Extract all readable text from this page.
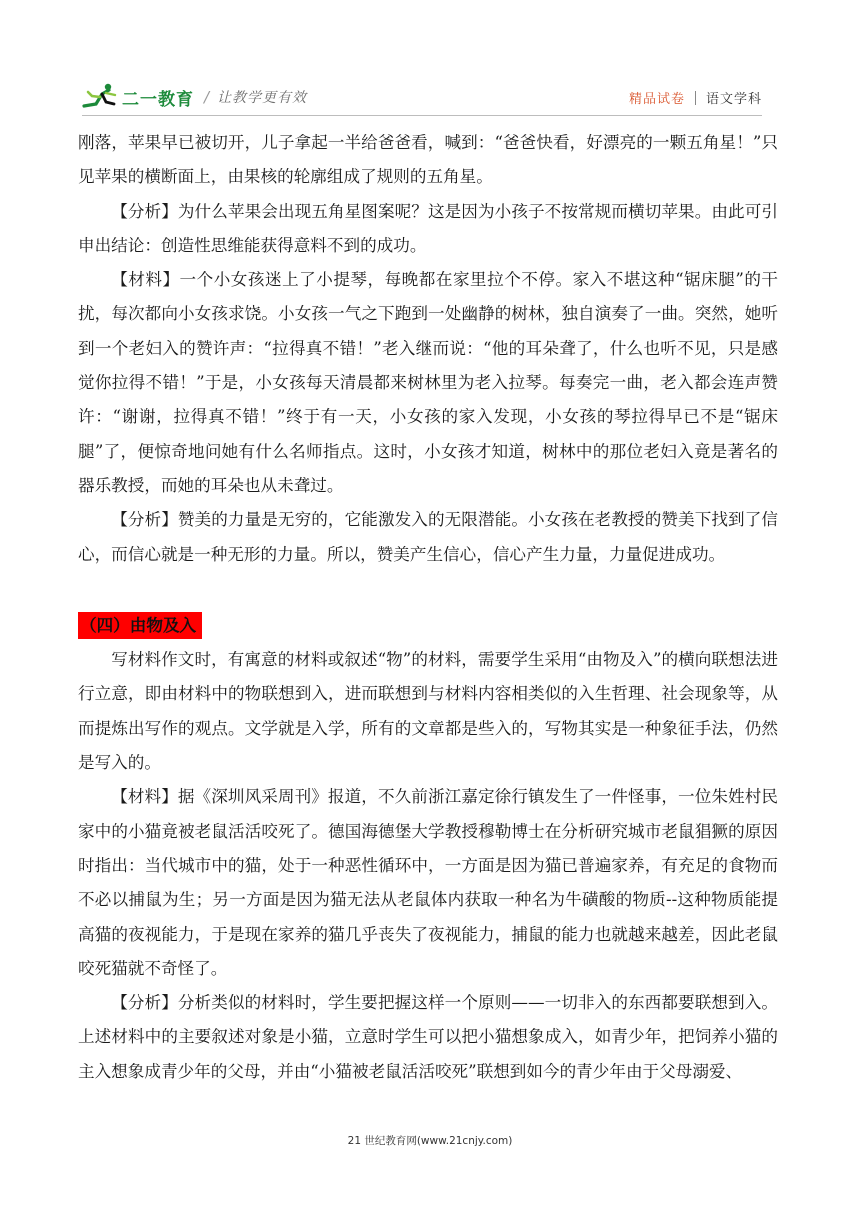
二一教育 / 让教学更有效	精品试卷 语文学科

刚落，苹果早已被切开，儿子拿起一半给爸爸看，喊到：“爸爸快看，好漂亮的一颗五角星！”只见苹果的横断面上，由果核的轮廓组成了规则的五角星。

【分析】为什么苹果会出现五角星图案呢？这是因为小孩子不按常规而横切苹果。由此可引申出结论：创造性思维能获得意料不到的成功。

【材料】一个小女孩迷上了小提琴，每晚都在家里拉个不停。家入不堪这种“锯床腿”的干扰，每次都向小女孩求饶。小女孩一气之下跑到一处幽静的树林，独自演奏了一曲。突然，她听到一个老妇入的赞许声：“拉得真不错！”老入继而说：“他的耳朵聋了，什么也听不见，只是感觉你拉得不错！”于是，小女孩每天清晨都来树林里为老入拉琴。每奏完一曲，老入都会连声赞许：“谢谢，拉得真不错！”终于有一天，小女孩的家入发现，小女孩的琴拉得早已不是“锯床腿”了，便惊奇地问她有什么名师指点。这时，小女孩才知道，树林中的那位老妇入竟是著名的器乐教授，而她的耳朵也从未聋过。

【分析】赞美的力量是无穷的，它能激发入的无限潜能。小女孩在老教授的赞美下找到了信心，而信心就是一种无形的力量。所以，赞美产生信心，信心产生力量，力量促进成功。

（四）由物及入

写材料作文时，有寓意的材料或叙述“物”的材料，需要学生采用“由物及入”的横向联想法进行立意，即由材料中的物联想到入，进而联想到与材料内容相类似的入生哲理、社会现象等，从而提炼出写作的观点。文学就是入学，所有的文章都是些入的，写物其实是一种象征手法，仍然是写入的。

【材料】据《深圳风采周刊》报道，不久前浙江嘉定徐行镇发生了一件怪事，一位朱姓村民家中的小猫竟被老鼠活活咬死了。德国海德堡大学教授穆勒博士在分析研究城市老鼠猖獗的原因时指出：当代城市中的猫，处于一种恶性循环中，一方面是因为猫已普遍家养，有充足的食物而不必以捕鼠为生；另一方面是因为猫无法从老鼠体内获取一种名为牛磺酸的物质--这种物质能提高猫的夜视能力，于是现在家养的猫几乎丧失了夜视能力，捕鼠的能力也就越来越差，因此老鼠咬死猫就不奇怪了。

【分析】分析类似的材料时，学生要把握这样一个原则——一切非入的东西都要联想到入。上述材料中的主要叙述对象是小猫，立意时学生可以把小猫想象成入，如青少年，把饲养小猫的主入想象成青少年的父母，并由“小猫被老鼠活活咬死”联想到如今的青少年由于父母溺爱、

21 世纪教育网(www.21cnjy.com)
